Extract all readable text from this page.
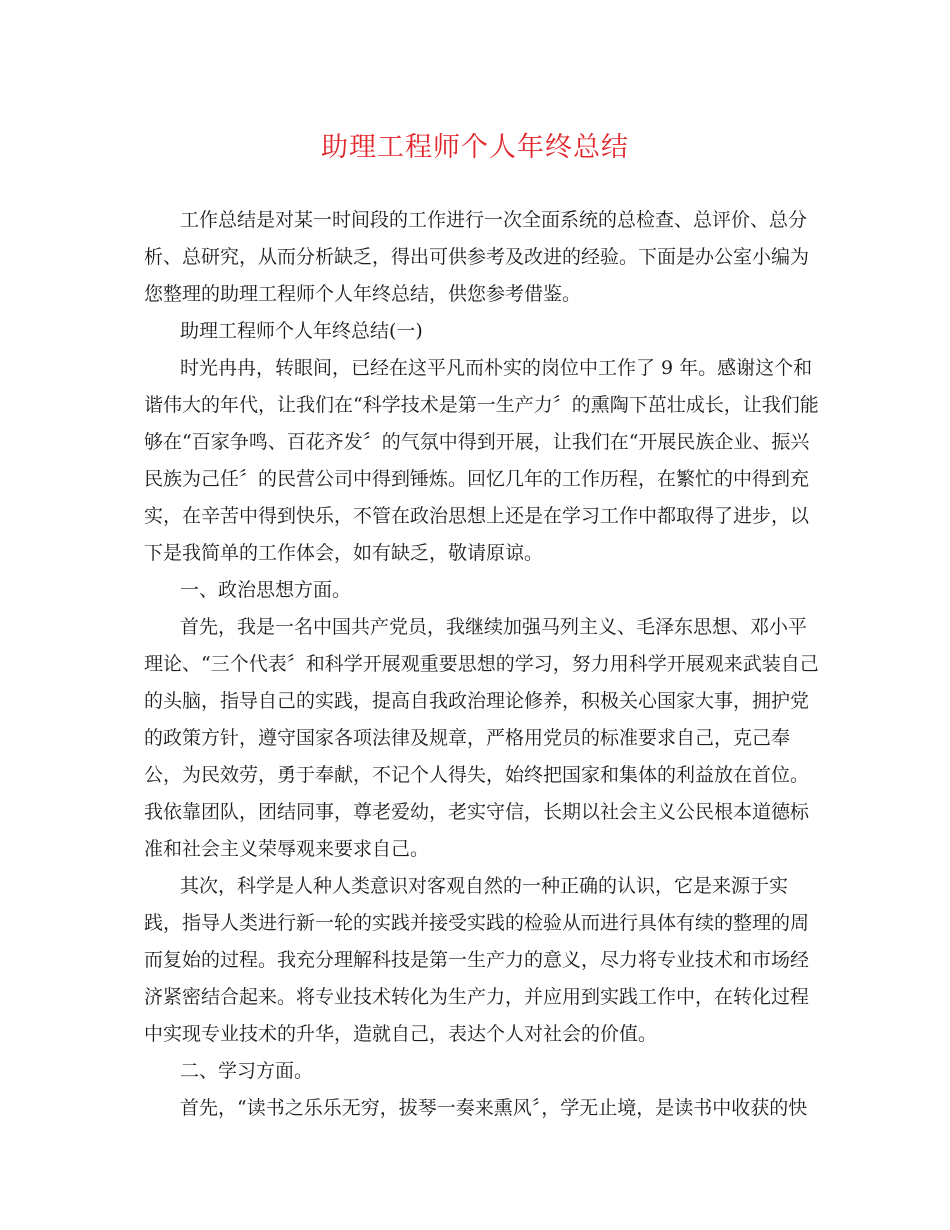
助理工程师个人年终总结
工作总结是对某一时间段的工作进行一次全面系统的总检查、总评价、总分
析、总研究，从而分析缺乏，得出可供参考及改进的经验。下面是办公室小编为
您整理的助理工程师个人年终总结，供您参考借鉴。
助理工程师个人年终总结(一)
时光冉冉，转眼间，已经在这平凡而朴实的岗位中工作了 9 年。感谢这个和
谐伟大的年代，让我们在“科学技术是第一生产力〞的熏陶下茁壮成长，让我们能
够在“百家争鸣、百花齐发〞的气氛中得到开展，让我们在“开展民族企业、振兴
民族为己任〞的民营公司中得到锤炼。回忆几年的工作历程，在繁忙的中得到充
实，在辛苦中得到快乐，不管在政治思想上还是在学习工作中都取得了进步，以
下是我简单的工作体会，如有缺乏，敬请原谅。
一、政治思想方面。
首先，我是一名中国共产党员，我继续加强马列主义、毛泽东思想、邓小平
理论、“三个代表〞和科学开展观重要思想的学习，努力用科学开展观来武装自己
的头脑，指导自己的实践，提高自我政治理论修养，积极关心国家大事，拥护党
的政策方针，遵守国家各项法律及规章，严格用党员的标准要求自己，克己奉
公，为民效劳，勇于奉献，不记个人得失，始终把国家和集体的利益放在首位。
我依靠团队，团结同事，尊老爱幼，老实守信，长期以社会主义公民根本道德标
准和社会主义荣辱观来要求自己。
其次，科学是人种人类意识对客观自然的一种正确的认识，它是来源于实
践，指导人类进行新一轮的实践并接受实践的检验从而进行具体有续的整理的周
而复始的过程。我充分理解科技是第一生产力的意义，尽力将专业技术和市场经
济紧密结合起来。将专业技术转化为生产力，并应用到实践工作中，在转化过程
中实现专业技术的升华，造就自己，表达个人对社会的价值。
二、学习方面。
首先，“读书之乐乐无穷，拔琴一奏来熏风〞，学无止境，是读书中收获的快
